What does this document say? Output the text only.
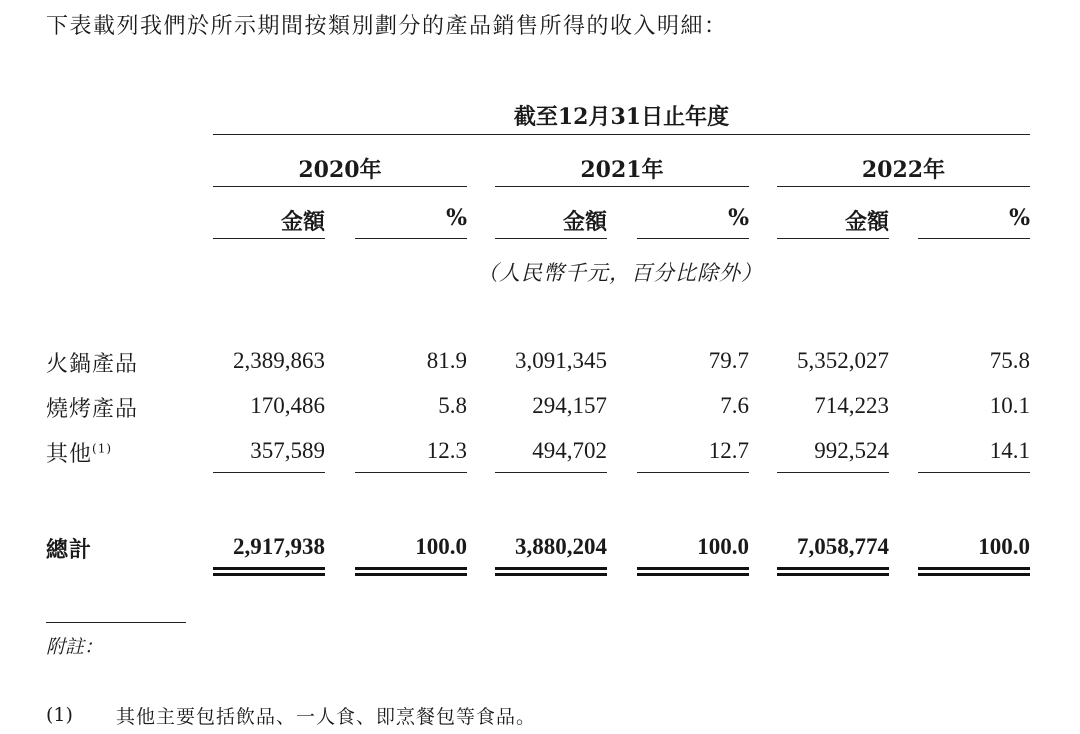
下表載列我們於所示期間按類別劃分的產品銷售所得的收入明細：
截至12月31日止年度
2020年	2021年	2022年
金額	%	金額	%	金額	%
（人民幣千元，百分比除外）
火鍋產品	2,389,863	81.9	3,091,345	79.7	5,352,027	75.8
燒烤產品	170,486	5.8	294,157	7.6	714,223	10.1
其他$^{(1)}$	357,589	12.3	494,702	12.7	992,524	14.1
總計	2,917,938	100.0	3,880,204	100.0	7,058,774	100.0
附註：
(1) 其他主要包括飲品、一人食、即烹餐包等食品。
